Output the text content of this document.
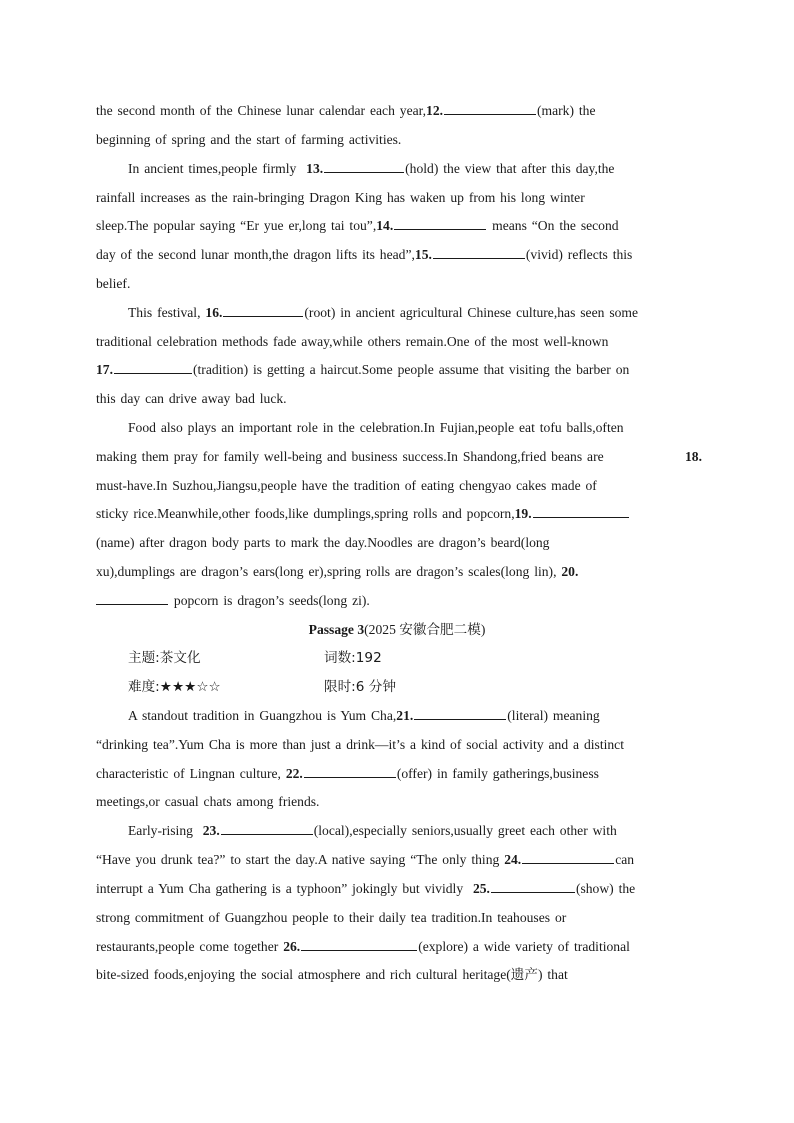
the second month of the Chinese lunar calendar each year,12.	(mark) the
beginning of spring and the start of farming activities.
In ancient times,people firmly 13.	(hold) the view that after this day,the
rainfall increases as the rain-bringing Dragon King has waken up from his long winter
sleep.The popular saying “Er yue er,long tai tou”,14.	means “On the second
day of the second lunar month,the dragon lifts its head”,15.	(vivid) reflects this
belief.
This festival, 16.	(root) in ancient agricultural Chinese culture,has seen some
traditional celebration methods fade away,while others remain.One of the most well-known
17.	(tradition) is getting a haircut.Some people assume that visiting the barber on
this day can drive away bad luck.
Food also plays an important role in the celebration.In Fujian,people eat tofu balls,often
making them pray for family well-being and business success.In Shandong,fried beans are	18.
must-have.In Suzhou,Jiangsu,people have the tradition of eating chengyao cakes made of
sticky rice.Meanwhile,other foods,like dumplings,spring rolls and popcorn,19.
(name) after dragon body parts to mark the day.Noodles are dragon’s beard(long
xu),dumplings are dragon’s ears(long er),spring rolls are dragon’s scales(long lin), 20.
popcorn is dragon’s seeds(long zi).
Passage 3(2025 安徽合肥二模)
主题:茶文化	词数:192
难度:★★★☆☆	限时:6 分钟
A standout tradition in Guangzhou is Yum Cha,21.	(literal) meaning
“drinking tea”.Yum Cha is more than just a drink—it’s a kind of social activity and a distinct
characteristic of Lingnan culture, 22.	(offer) in family gatherings,business
meetings,or casual chats among friends.
Early-rising 23.	(local),especially seniors,usually greet each other with
“Have you drunk tea?” to start the day.A native saying “The only thing 24.	can
interrupt a Yum Cha gathering is a typhoon” jokingly but vividly 25.	(show) the
strong commitment of Guangzhou people to their daily tea tradition.In teahouses or
restaurants,people come together 26.	(explore) a wide variety of traditional
bite-sized foods,enjoying the social atmosphere and rich cultural heritage(遗产) that
